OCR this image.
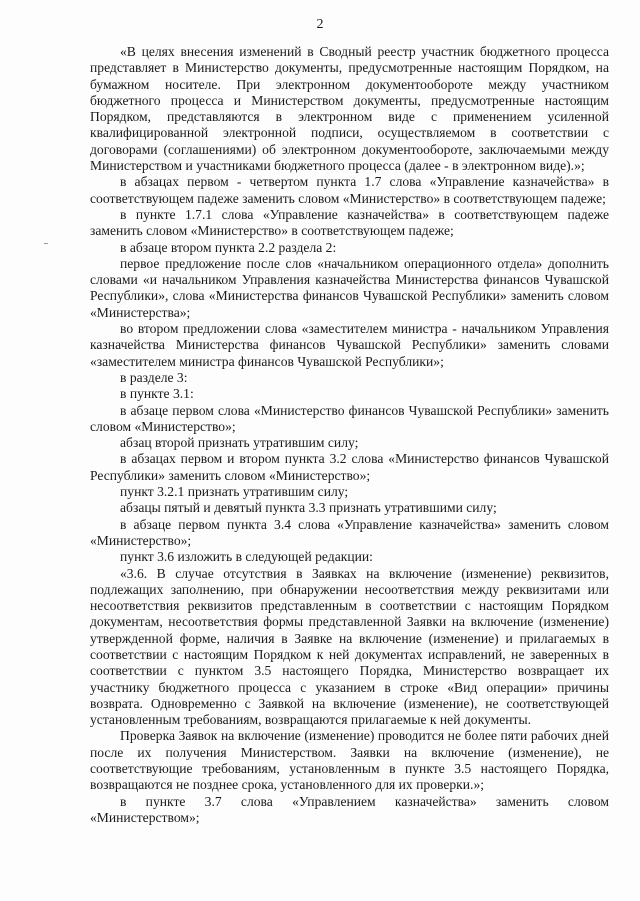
2

«В целях внесения изменений в Сводный реестр участник бюджетного процесса представляет в Министерство документы, предусмотренные настоящим Порядком, на бумажном носителе. При электронном документообороте между участником бюджетного процесса и Министерством документы, предусмотренные настоящим Порядком, представляются в электронном виде с применением усиленной квалифицированной электронной подписи, осуществляемом в соответствии с договорами (соглашениями) об электронном документообороте, заключаемыми между Министерством и участниками бюджетного процесса (далее - в электронном виде).»;

в абзацах первом - четвертом пункта 1.7 слова «Управление казначейства» в соответствующем падеже заменить словом «Министерство» в соответствующем падеже;

в пункте 1.7.1 слова «Управление казначейства» в соответствующем падеже заменить словом «Министерство» в соответствующем падеже;

в абзаце втором пункта 2.2 раздела 2:

первое предложение после слов «начальником операционного отдела» дополнить словами «и начальником Управления казначейства Министерства финансов Чувашской Республики», слова «Министерства финансов Чувашской Республики» заменить словом «Министерства»;

во втором предложении слова «заместителем министра - начальником Управления казначейства Министерства финансов Чувашской Республики» заменить словами «заместителем министра финансов Чувашской Республики»;

в разделе 3:

в пункте 3.1:

в абзаце первом слова «Министерство финансов Чувашской Республики» заменить словом «Министерство»;

абзац второй признать утратившим силу;

в абзацах первом и втором пункта 3.2 слова «Министерство финансов Чувашской Республики» заменить словом «Министерство»;

пункт 3.2.1 признать утратившим силу;

абзацы пятый и девятый пункта 3.3 признать утратившими силу;

в абзаце первом пункта 3.4 слова «Управление казначейства» заменить словом «Министерство»;

пункт 3.6 изложить в следующей редакции:

«3.6. В случае отсутствия в Заявках на включение (изменение) реквизитов, подлежащих заполнению, при обнаружении несоответствия между реквизитами или несоответствия реквизитов представленным в соответствии с настоящим Порядком документам, несоответствия формы представленной Заявки на включение (изменение) утвержденной форме, наличия в Заявке на включение (изменение) и прилагаемых в соответствии с настоящим Порядком к ней документах исправлений, не заверенных в соответствии с пунктом 3.5 настоящего Порядка, Министерство возвращает их участнику бюджетного процесса с указанием в строке «Вид операции» причины возврата. Одновременно с Заявкой на включение (изменение), не соответствующей установленным требованиям, возвращаются прилагаемые к ней документы.

Проверка Заявок на включение (изменение) проводится не более пяти рабочих дней после их получения Министерством. Заявки на включение (изменение), не соответствующие требованиям, установленным в пункте 3.5 настоящего Порядка, возвращаются не позднее срока, установленного для их проверки.»;

в пункте 3.7 слова «Управлением казначейства» заменить словом «Министерством»;
